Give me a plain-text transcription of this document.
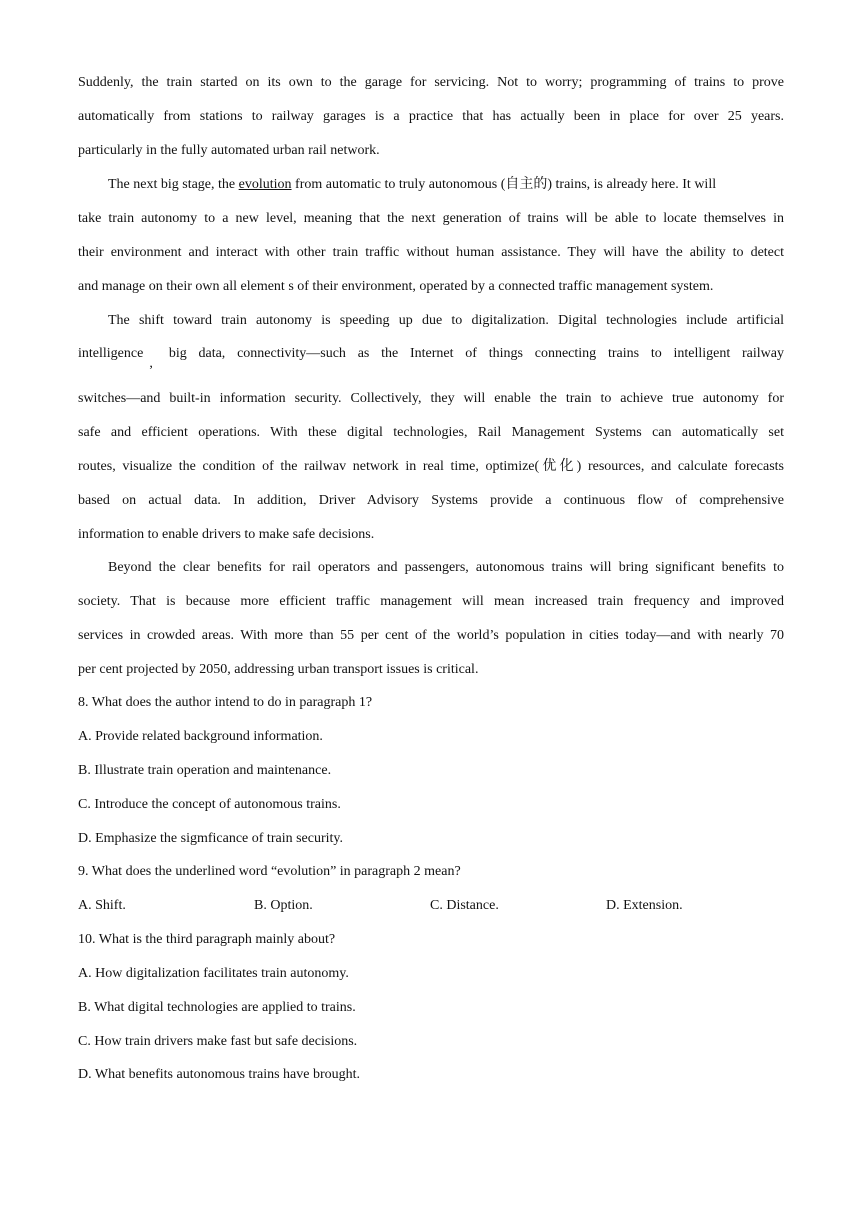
Suddenly, the train started on its own to the garage for servicing. Not to worry; programming of trains to prove
automatically from stations to railway garages is a practice that has actually been in place for over 25 years.
particularly in the fully automated urban rail network.
The next big stage, the evolution from automatic to truly autonomous (自主的) trains, is already here. It will
take train autonomy to a new level, meaning that the next generation of trains will be able to locate themselves in
their environment and interact with other train traffic without human assistance. They will have the ability to detect
and manage on their own all element s of their environment, operated by a connected traffic management system.
The shift toward train autonomy is speeding up due to digitalization. Digital technologies include artificial
intelligence
,
big data, connectivity—such as the Internet of things connecting trains to intelligent railway
switches—and built-in information security. Collectively, they will enable the train to achieve true autonomy for
safe and efficient operations. With these digital technologies, Rail Management Systems can automatically set
routes, visualize the condition of the railwav network in real time, optimize(优化) resources, and calculate forecasts
based on actual data. In addition, Driver Advisory Systems provide a continuous flow of comprehensive
information to enable drivers to make safe decisions.
Beyond the clear benefits for rail operators and passengers, autonomous trains will bring significant benefits to
society. That is because more efficient traffic management will mean increased train frequency and improved
services in crowded areas. With more than 55 per cent of the world’s population in cities today—and with nearly 70
per cent projected by 2050, addressing urban transport issues is critical.
8. What does the author intend to do in paragraph 1?
A. Provide related background information.
B. Illustrate train operation and maintenance.
C. Introduce the concept of autonomous trains.
D. Emphasize the sigmficance of train security.
9. What does the underlined word “evolution” in paragraph 2 mean?
A. Shift.	B. Option.	C. Distance.	D. Extension.
10. What is the third paragraph mainly about?
A. How digitalization facilitates train autonomy.
B. What digital technologies are applied to trains.
C. How train drivers make fast but safe decisions.
D. What benefits autonomous trains have brought.
